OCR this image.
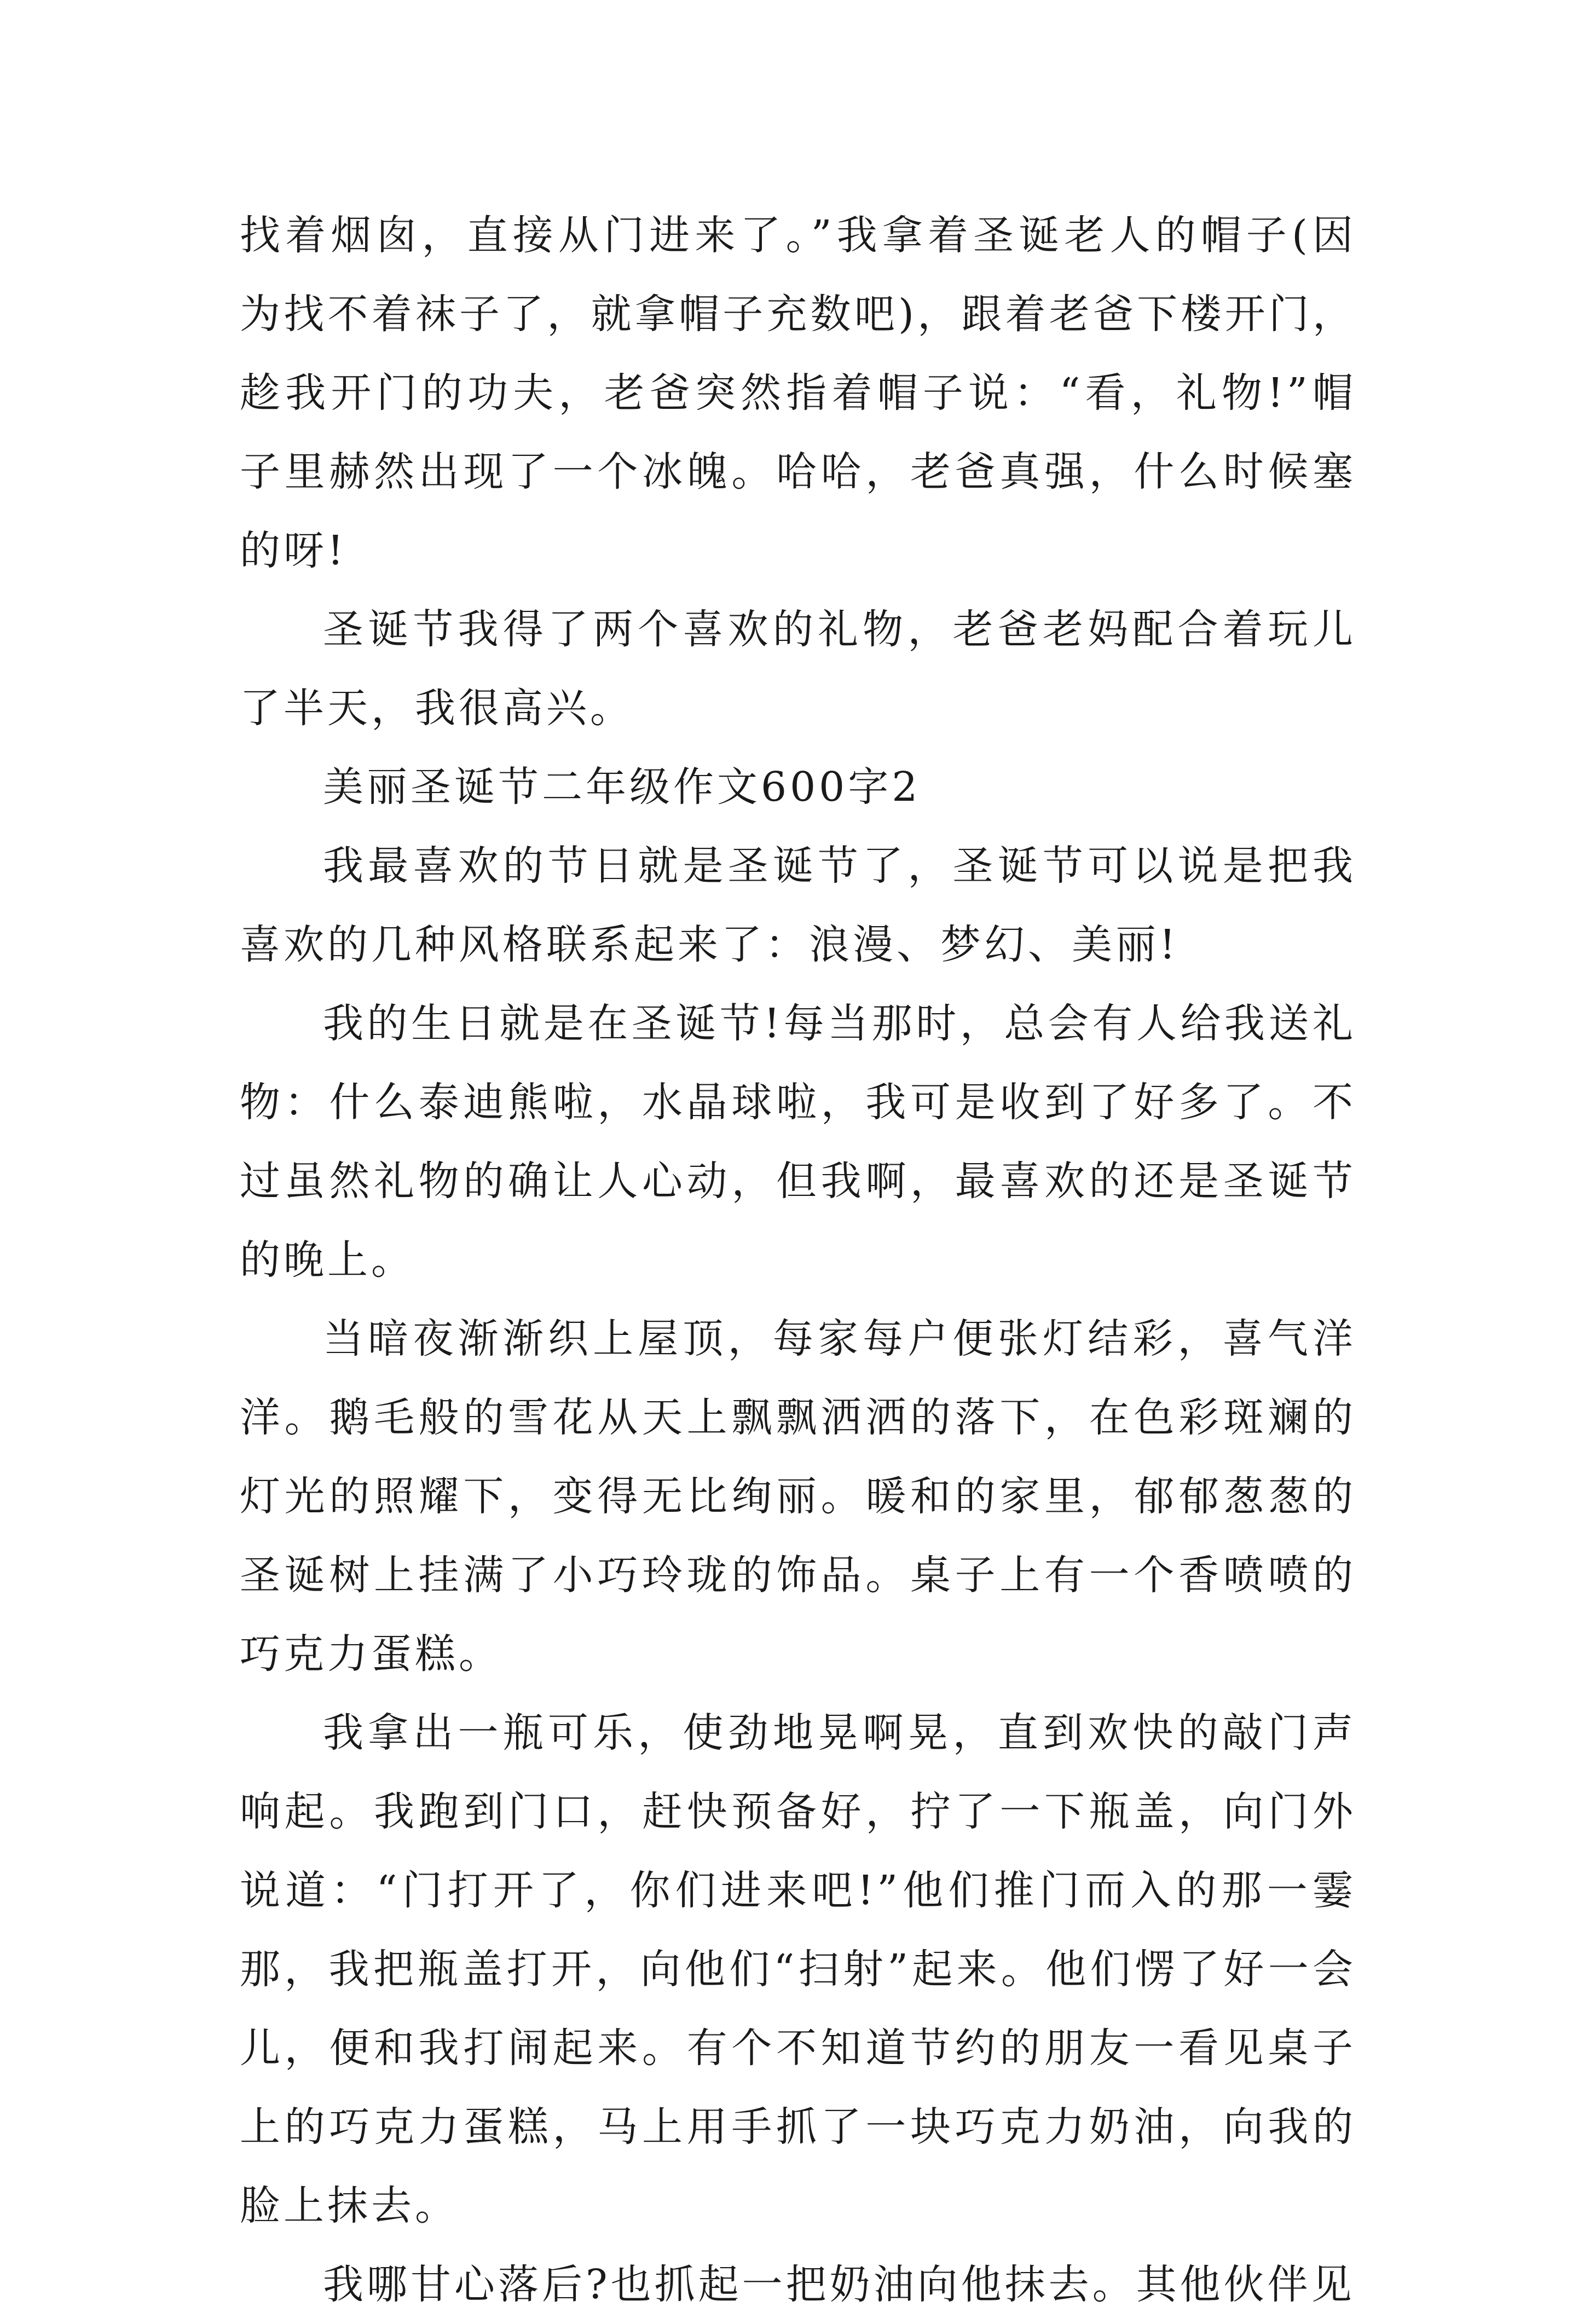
找着烟囱，直接从门进来了。”我拿着圣诞老人的帽子(因为找不着袜子了，就拿帽子充数吧)，跟着老爸下楼开门，趁我开门的功夫，老爸突然指着帽子说：“看，礼物!”帽子里赫然出现了一个冰魄。哈哈，老爸真强，什么时候塞的呀!

圣诞节我得了两个喜欢的礼物，老爸老妈配合着玩儿了半天，我很高兴。

美丽圣诞节二年级作文600字2

我最喜欢的节日就是圣诞节了，圣诞节可以说是把我喜欢的几种风格联系起来了：浪漫、梦幻、美丽!

我的生日就是在圣诞节!每当那时，总会有人给我送礼物：什么泰迪熊啦，水晶球啦，我可是收到了好多了。不过虽然礼物的确让人心动，但我啊，最喜欢的还是圣诞节的晚上。

当暗夜渐渐织上屋顶，每家每户便张灯结彩，喜气洋洋。鹅毛般的雪花从天上飘飘洒洒的落下，在色彩斑斓的灯光的照耀下，变得无比绚丽。暖和的家里，郁郁葱葱的圣诞树上挂满了小巧玲珑的饰品。桌子上有一个香喷喷的巧克力蛋糕。

我拿出一瓶可乐，使劲地晃啊晃，直到欢快的敲门声响起。我跑到门口，赶快预备好，拧了一下瓶盖，向门外说道：“门打开了，你们进来吧!”他们推门而入的那一霎那，我把瓶盖打开，向他们“扫射”起来。他们愣了好一会儿，便和我打闹起来。有个不知道节约的朋友一看见桌子上的巧克力蛋糕，马上用手抓了一块巧克力奶油，向我的脸上抹去。

我哪甘心落后?也抓起一把奶油向他抹去。其他伙伴见
